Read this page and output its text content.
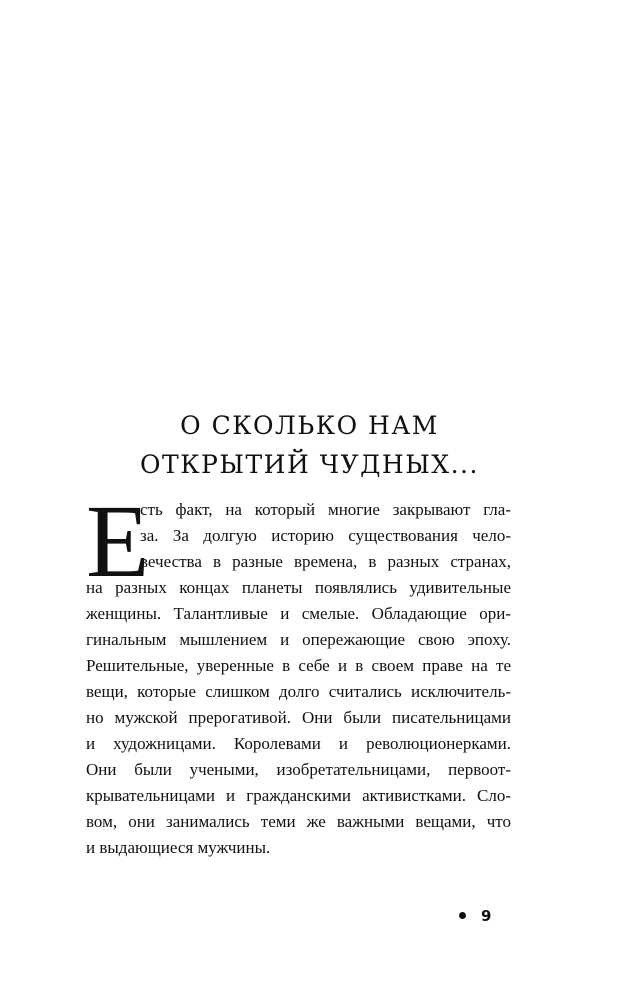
О СКОЛЬКО НАМ
ОТКРЫТИЙ ЧУДНЫХ...
Е
сть факт, на который многие закрывают гла-
за. За долгую историю существования чело-
вечества в разные времена, в разных странах,
на разных концах планеты появлялись удивительные
женщины. Талантливые и смелые. Обладающие ори-
гинальным мышлением и опережающие свою эпоху.
Решительные, уверенные в себе и в своем праве на те
вещи, которые слишком долго считались исключитель-
но мужской прерогативой. Они были писательницами
и художницами. Королевами и революционерками.
Они были учеными, изобретательницами, первоот-
крывательницами и гражданскими активистками. Сло-
вом, они занимались теми же важными вещами, что
и выдающиеся мужчины.
9
